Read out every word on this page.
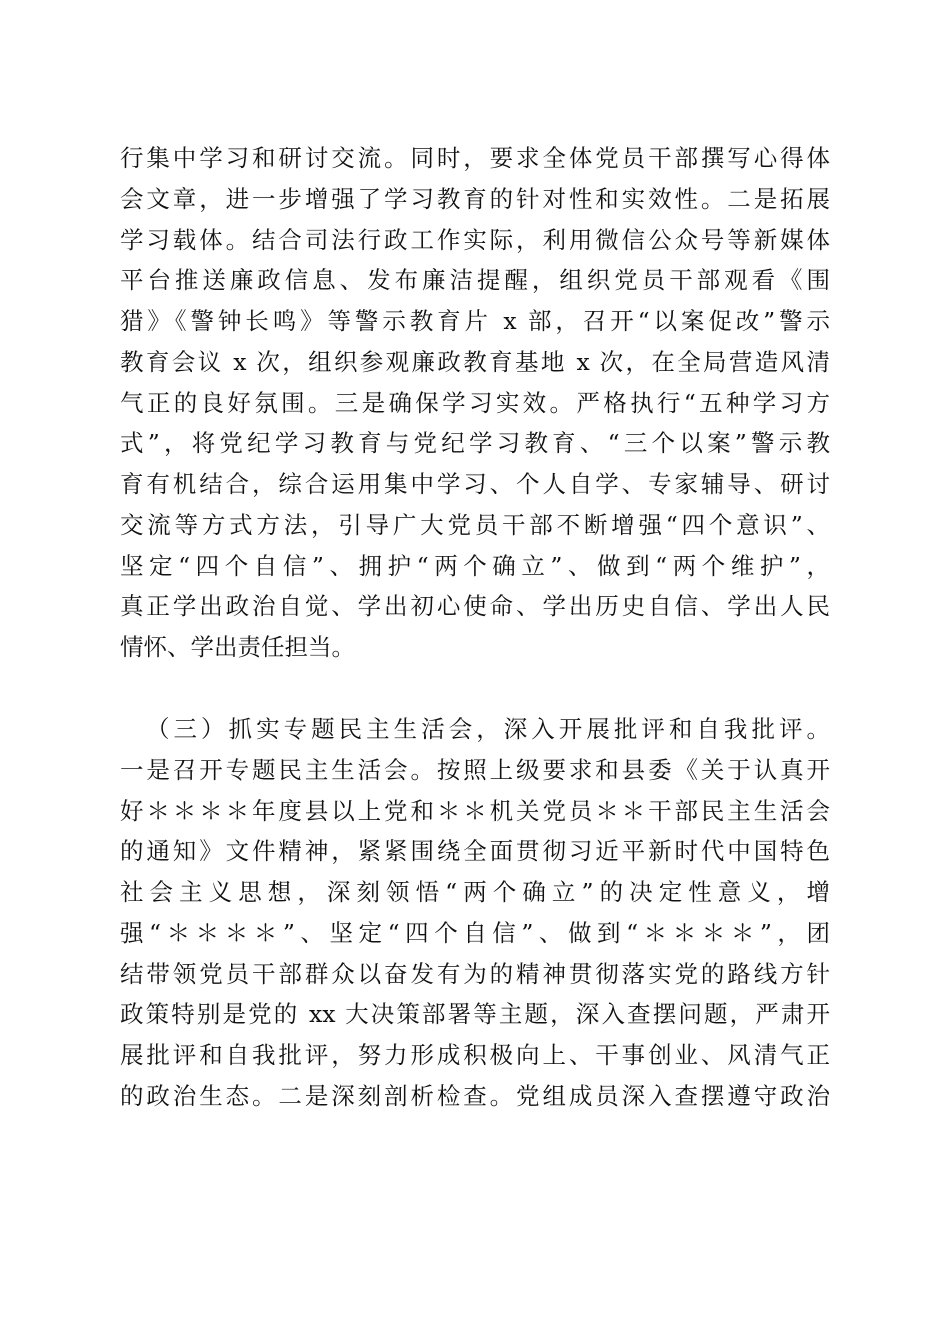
行集中学习和研讨交流。同时，要求全体党员干部撰写心得体
会文章，进一步增强了学习教育的针对性和实效性。二是拓展
学习载体。结合司法行政工作实际，利用微信公众号等新媒体
平台推送廉政信息、发布廉洁提醒，组织党员干部观看《围
猎》《警钟长鸣》等警示教育片 x 部，召开“以案促改”警示
教育会议 x 次，组织参观廉政教育基地 x 次，在全局营造风清
气正的良好氛围。三是确保学习实效。严格执行“五种学习方
式”，将党纪学习教育与党纪学习教育、“三个以案”警示教
育有机结合，综合运用集中学习、个人自学、专家辅导、研讨
交流等方式方法，引导广大党员干部不断增强“四个意识”、
坚定“四个自信”、拥护“两个确立”、做到“两个维护”，
真正学出政治自觉、学出初心使命、学出历史自信、学出人民
情怀、学出责任担当。
（三）抓实专题民主生活会，深入开展批评和自我批评。
一是召开专题民主生活会。按照上级要求和县委《关于认真开
好＊＊＊＊年度县以上党和＊＊机关党员＊＊干部民主生活会
的通知》文件精神，紧紧围绕全面贯彻习近平新时代中国特色
社会主义思想，深刻领悟“两个确立”的决定性意义，增
强“＊＊＊＊”、坚定“四个自信”、做到“＊＊＊＊”，团
结带领党员干部群众以奋发有为的精神贯彻落实党的路线方针
政策特别是党的 xx 大决策部署等主题，深入查摆问题，严肃开
展批评和自我批评，努力形成积极向上、干事创业、风清气正
的政治生态。二是深刻剖析检查。党组成员深入查摆遵守政治
